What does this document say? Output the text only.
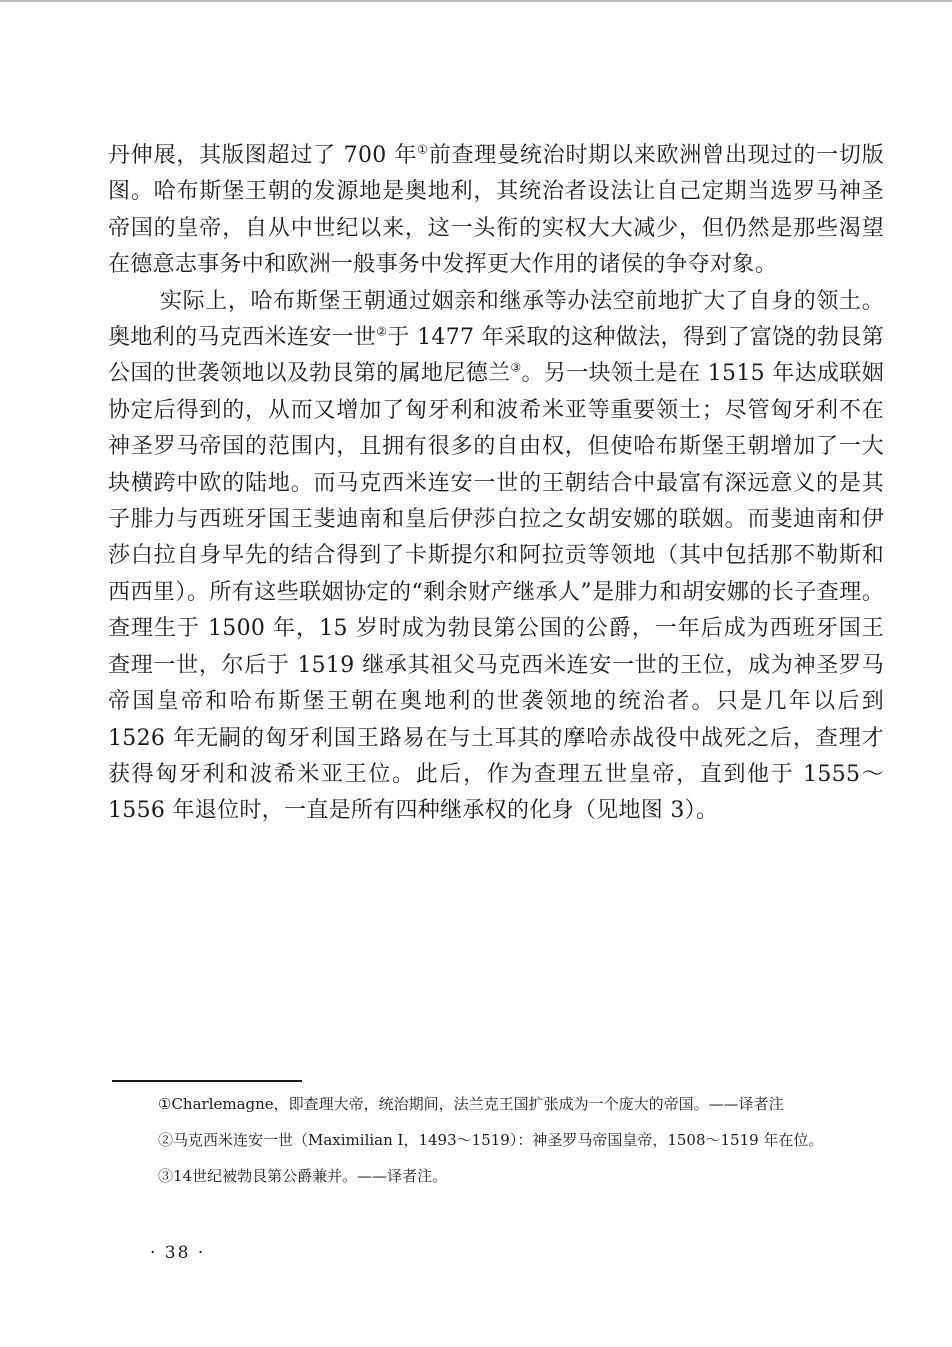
丹伸展，其版图超过了 700 年①前查理曼统治时期以来欧洲曾出现过的一切版图。哈布斯堡王朝的发源地是奥地利，其统治者设法让自己定期当选罗马神圣帝国的皇帝，自从中世纪以来，这一头衔的实权大大减少，但仍然是那些渴望在德意志事务中和欧洲一般事务中发挥更大作用的诸侯的争夺对象。

实际上，哈布斯堡王朝通过姻亲和继承等办法空前地扩大了自身的领土。奥地利的马克西米连安一世②于 1477 年采取的这种做法，得到了富饶的勃艮第公国的世袭领地以及勃艮第的属地尼德兰③。另一块领土是在 1515 年达成联姻协定后得到的，从而又增加了匈牙利和波希米亚等重要领土；尽管匈牙利不在神圣罗马帝国的范围内，且拥有很多的自由权，但使哈布斯堡王朝增加了一大块横跨中欧的陆地。而马克西米连安一世的王朝结合中最富有深远意义的是其子腓力与西班牙国王斐迪南和皇后伊莎白拉之女胡安娜的联姻。而斐迪南和伊莎白拉自身早先的结合得到了卡斯提尔和阿拉贡等领地（其中包括那不勒斯和西西里）。所有这些联姻协定的“剩余财产继承人”是腓力和胡安娜的长子查理。查理生于 1500 年，15 岁时成为勃艮第公国的公爵，一年后成为西班牙国王查理一世，尔后于 1519 继承其祖父马克西米连安一世的王位，成为神圣罗马帝国皇帝和哈布斯堡王朝在奥地利的世袭领地的统治者。只是几年以后到 1526 年无嗣的匈牙利国王路易在与土耳其的摩哈赤战役中战死之后，查理才获得匈牙利和波希米亚王位。此后，作为查理五世皇帝，直到他于 1555～1556 年退位时，一直是所有四种继承权的化身（见地图 3）。

①Charlemagne，即查理大帝，统治期间，法兰克王国扩张成为一个庞大的帝国。——译者注

②马克西米连安一世（Maximilian Ⅰ，1493～1519）：神圣罗马帝国皇帝，1508～1519 年在位。

③14世纪被勃艮第公爵兼并。——译者注。

· 38 ·
